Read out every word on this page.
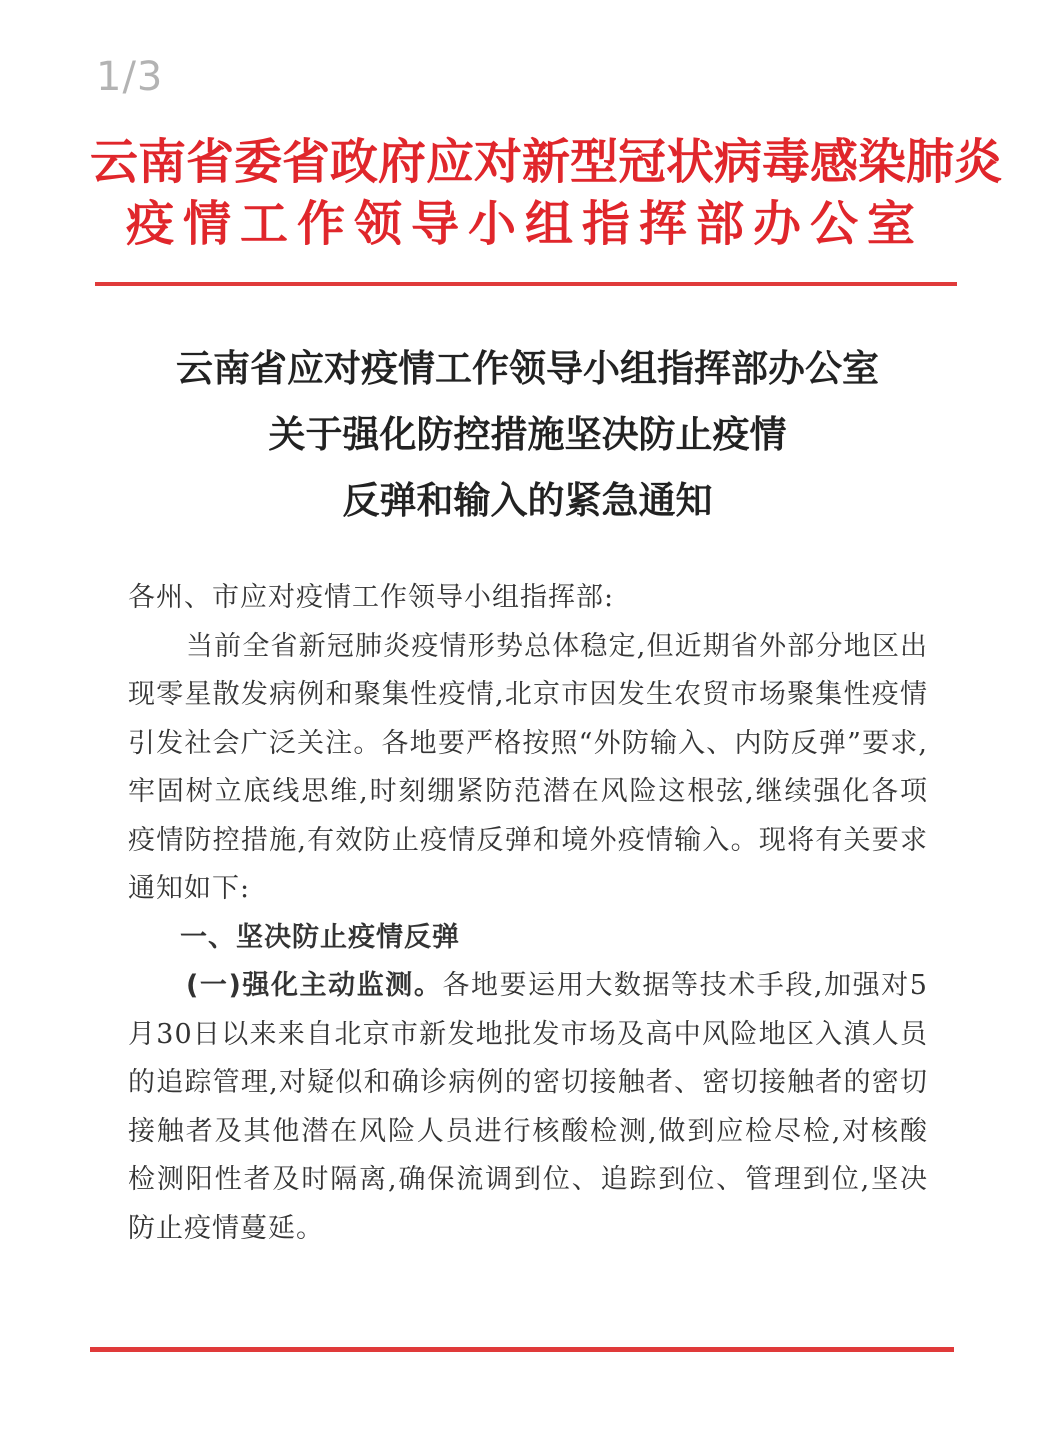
1/3
云南省委省政府应对新型冠状病毒感染肺炎
疫情工作领导小组指挥部办公室
云南省应对疫情工作领导小组指挥部办公室
关于强化防控措施坚决防止疫情
反弹和输入的紧急通知

各州、市应对疫情工作领导小组指挥部:

当前全省新冠肺炎疫情形势总体稳定,但近期省外部分地区出现零星散发病例和聚集性疫情,北京市因发生农贸市场聚集性疫情引发社会广泛关注。各地要严格按照“外防输入、内防反弹”要求,牢固树立底线思维,时刻绷紧防范潜在风险这根弦,继续强化各项疫情防控措施,有效防止疫情反弹和境外疫情输入。现将有关要求通知如下:

一、坚决防止疫情反弹

(一)强化主动监测。各地要运用大数据等技术手段,加强对5月30日以来来自北京市新发地批发市场及高中风险地区入滇人员的追踪管理,对疑似和确诊病例的密切接触者、密切接触者的密切接触者及其他潜在风险人员进行核酸检测,做到应检尽检,对核酸检测阳性者及时隔离,确保流调到位、追踪到位、管理到位,坚决防止疫情蔓延。
